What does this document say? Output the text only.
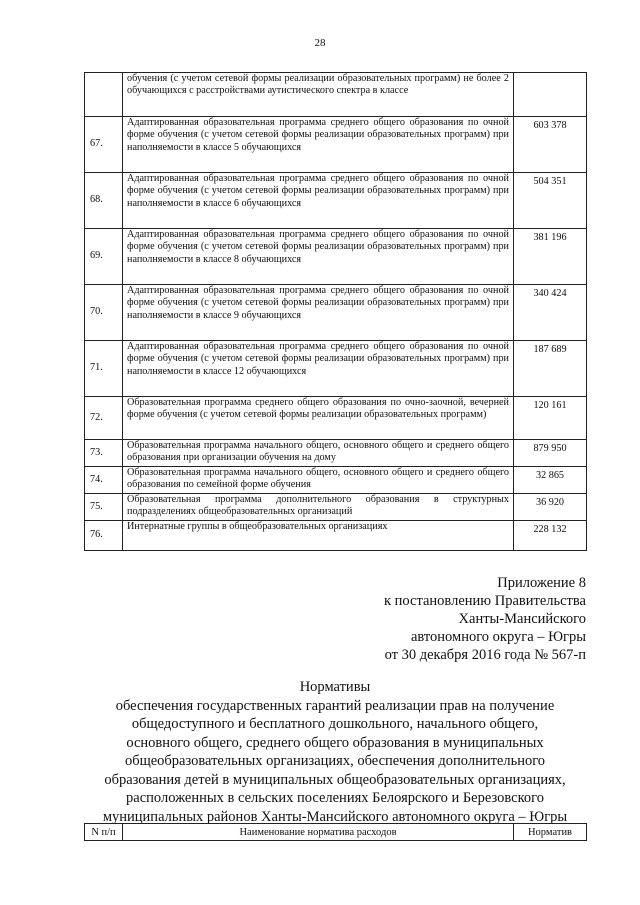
28
	обучения (с учетом сетевой формы реализации образовательных программ) не более 2 обучающихся с расстройствами аутистического спектра в классе	
67.	Адаптированная образовательная программа среднего общего образования по очной форме обучения (с учетом сетевой формы реализации образовательных программ) при наполняемости в классе 5 обучающихся	603 378
68.	Адаптированная образовательная программа среднего общего образования по очной форме обучения (с учетом сетевой формы реализации образовательных программ) при наполняемости в классе 6 обучающихся	504 351
69.	Адаптированная образовательная программа среднего общего образования по очной форме обучения (с учетом сетевой формы реализации образовательных программ) при наполняемости в классе 8 обучающихся	381 196
70.	Адаптированная образовательная программа среднего общего образования по очной форме обучения (с учетом сетевой формы реализации образовательных программ) при наполняемости в классе 9 обучающихся	340 424
71.	Адаптированная образовательная программа среднего общего образования по очной форме обучения (с учетом сетевой формы реализации образовательных программ) при наполняемости в классе 12 обучающихся	187 689
72.	Образовательная программа среднего общего образования по очно-заочной, вечерней форме обучения (с учетом сетевой формы реализации образовательных программ)	120 161
73.	Образовательная программа начального общего, основного общего и среднего общего образования при организации обучения на дому	879 950
74.	Образовательная программа начального общего, основного общего и среднего общего образования по семейной форме обучения	32 865
75.	Образовательная программа дополнительного образования в структурных подразделениях общеобразовательных организаций	36 920
76.	Интернатные группы в общеобразовательных организациях	228 132
Приложение 8
к постановлению Правительства
Ханты-Мансийского
автономного округа – Югры
от 30 декабря 2016 года № 567-п
Нормативы
обеспечения государственных гарантий реализации прав на получение
общедоступного и бесплатного дошкольного, начального общего,
основного общего, среднего общего образования в муниципальных
общеобразовательных организациях, обеспечения дополнительного
образования детей в муниципальных общеобразовательных организациях,
расположенных в сельских поселениях Белоярского и Березовского
муниципальных районов Ханты-Мансийского автономного округа – Югры
N п/п	Наименование норматива расходов	Норматив
